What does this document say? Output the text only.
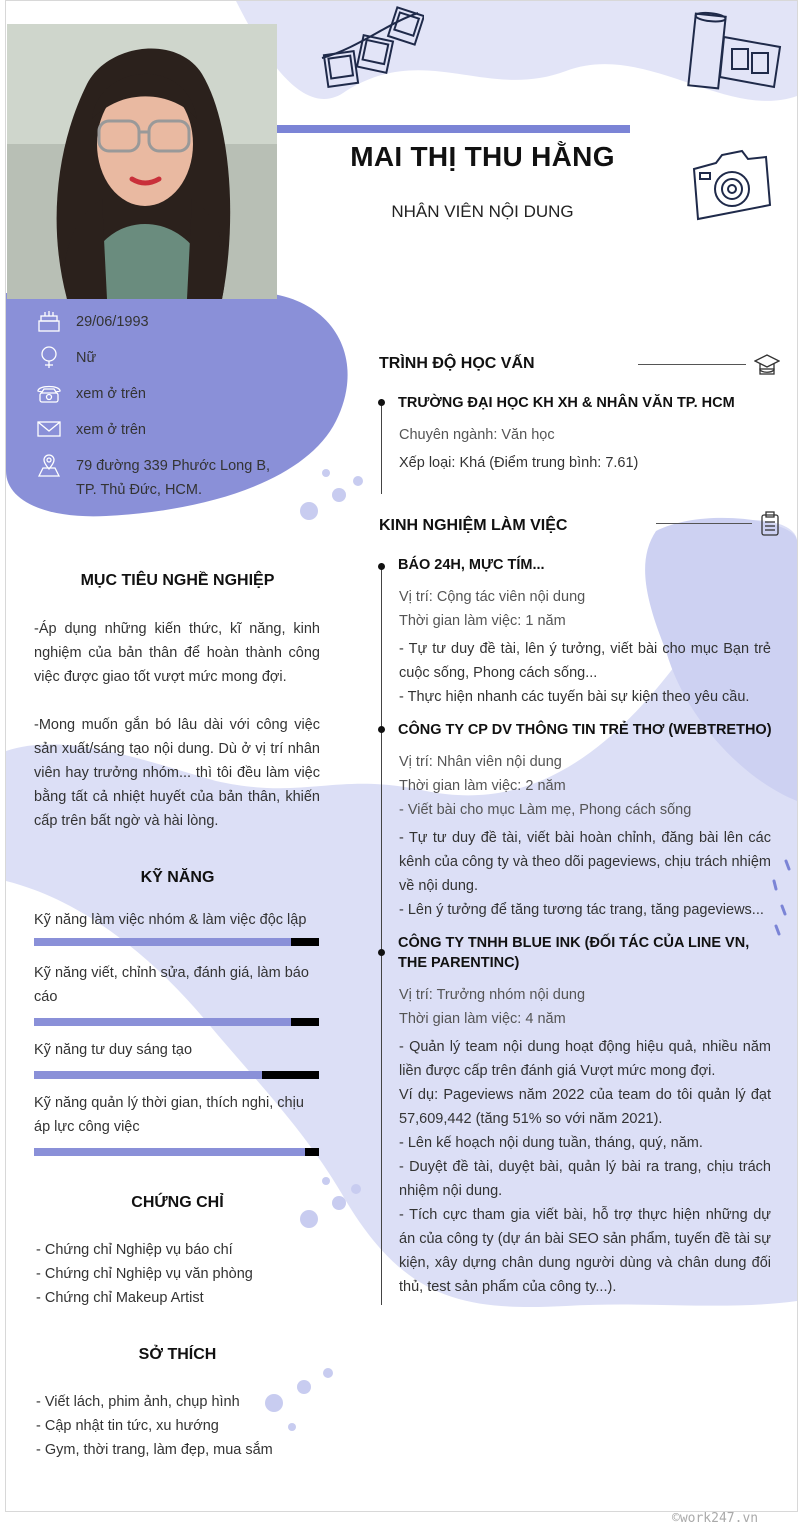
MAI THỊ THU HẰNG
NHÂN VIÊN NỘI DUNG
29/06/1993
Nữ
xem ở trên
xem ở trên
79 đường 339 Phước Long B,
TP. Thủ Đức, HCM.
MỤC TIÊU NGHỀ NGHIỆP
-Áp dụng những kiến thức, kĩ năng, kinh nghiệm của bản thân để hoàn thành công việc được giao tốt vượt mức mong đợi.
-Mong muốn gắn bó lâu dài với công việc sản xuất/sáng tạo nội dung. Dù ở vị trí nhân viên hay trưởng nhóm... thì tôi đều làm việc bằng tất cả nhiệt huyết của bản thân, khiến cấp trên bất ngờ và hài lòng.
KỸ NĂNG
Kỹ năng làm việc nhóm & làm việc độc lập
Kỹ năng viết, chỉnh sửa, đánh giá, làm báo cáo
Kỹ năng tư duy sáng tạo
Kỹ năng quản lý thời gian, thích nghi, chịu áp lực công việc
CHỨNG CHỈ
- Chứng chỉ Nghiệp vụ báo chí
- Chứng chỉ Nghiệp vụ văn phòng
- Chứng chỉ Makeup Artist
SỞ THÍCH
- Viết lách, phim ảnh, chụp hình
- Cập nhật tin tức, xu hướng
- Gym, thời trang, làm đẹp, mua sắm
TRÌNH ĐỘ HỌC VẤN
TRƯỜNG ĐẠI HỌC KH XH & NHÂN VĂN TP. HCM
Chuyên ngành: Văn học
Xếp loại: Khá (Điểm trung bình: 7.61)
KINH NGHIỆM LÀM VIỆC
BÁO 24H, MỰC TÍM...
Vị trí: Cộng tác viên nội dung
Thời gian làm việc: 1 năm
- Tự tư duy đề tài, lên ý tưởng, viết bài cho mục Bạn trẻ cuộc sống, Phong cách sống...
- Thực hiện nhanh các tuyến bài sự kiện theo yêu cầu.
CÔNG TY CP DV THÔNG TIN TRẺ THƠ (WEBTRETHO)
Vị trí: Nhân viên nội dung
Thời gian làm việc: 2 năm
- Viết bài cho mục Làm mẹ, Phong cách sống
- Tự tư duy đề tài, viết bài hoàn chỉnh, đăng bài lên các kênh của công ty và theo dõi pageviews, chịu trách nhiệm về nội dung.
- Lên ý tưởng để tăng tương tác trang, tăng pageviews...
CÔNG TY TNHH BLUE INK (ĐỐI TÁC CỦA LINE VN, THE PARENTINC)
Vị trí: Trưởng nhóm nội dung
Thời gian làm việc: 4 năm
- Quản lý team nội dung hoạt động hiệu quả, nhiều năm liền được cấp trên đánh giá Vượt mức mong đợi.
Ví dụ: Pageviews năm 2022 của team do tôi quản lý đạt 57,609,442 (tăng 51% so với năm 2021).
- Lên kế hoạch nội dung tuần, tháng, quý, năm.
- Duyệt đề tài, duyệt bài, quản lý bài ra trang, chịu trách nhiệm nội dung.
- Tích cực tham gia viết bài, hỗ trợ thực hiện những dự án của công ty (dự án bài SEO sản phẩm, tuyến đề tài sự kiện, xây dựng chân dung người dùng và chân dung đối thủ, test sản phẩm của công ty...).
©work247.vn
